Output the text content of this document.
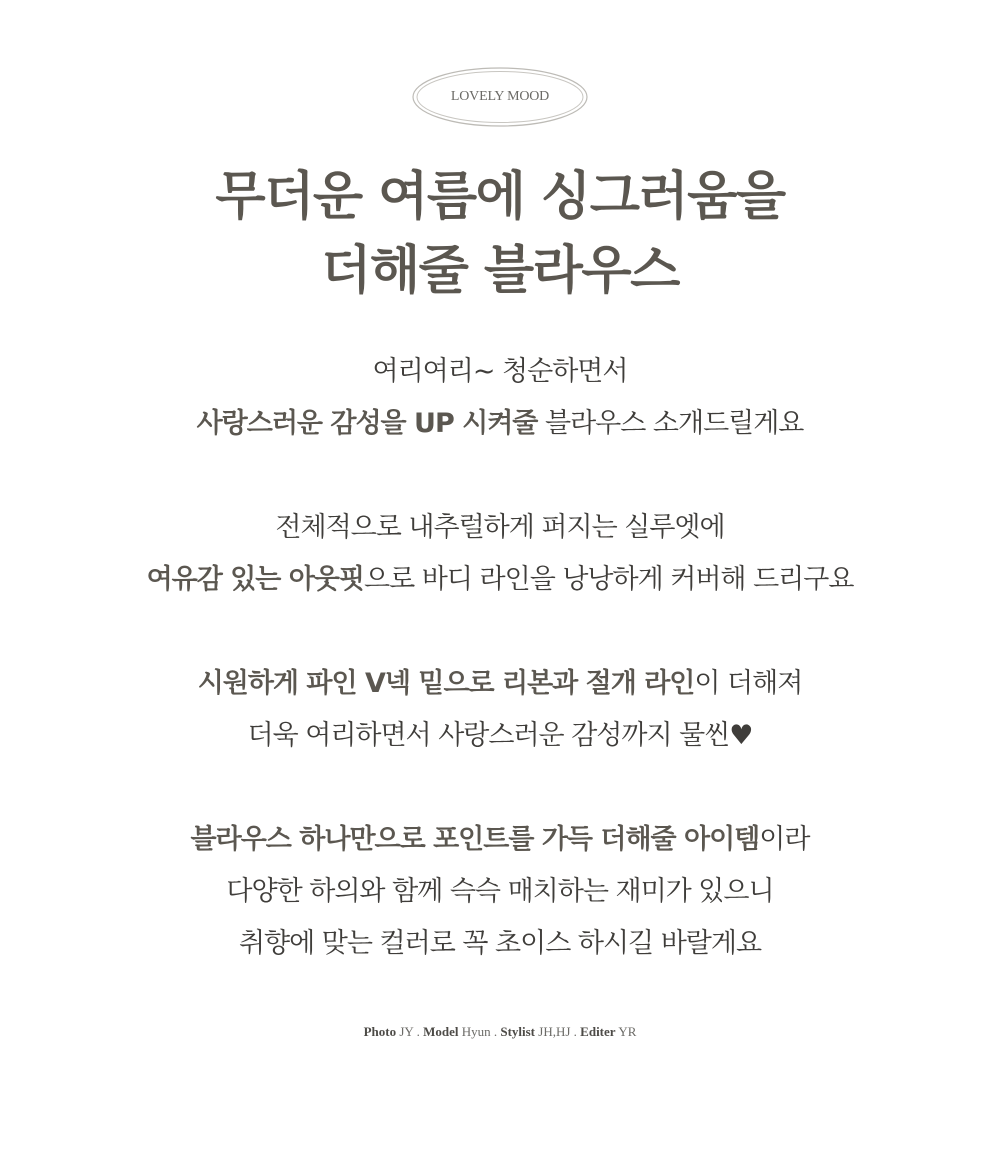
LOVELY MOOD
무더운 여름에 싱그러움을
더해줄 블라우스
여리여리~ 청순하면서
사랑스러운 감성을 UP 시켜줄 블라우스 소개드릴게요
전체적으로 내추럴하게 퍼지는 실루엣에
여유감 있는 아웃핏으로 바디 라인을 낭낭하게 커버해 드리구요
시원하게 파인 V넥 밑으로 리본과 절개 라인이 더해져
더욱 여리하면서 사랑스러운 감성까지 물씬♥
블라우스 하나만으로 포인트를 가득 더해줄 아이템이라
다양한 하의와 함께 슥슥 매치하는 재미가 있으니
취향에 맞는 컬러로 꼭 초이스 하시길 바랄게요
Photo JY . Model Hyun . Stylist JH,HJ . Editer YR
